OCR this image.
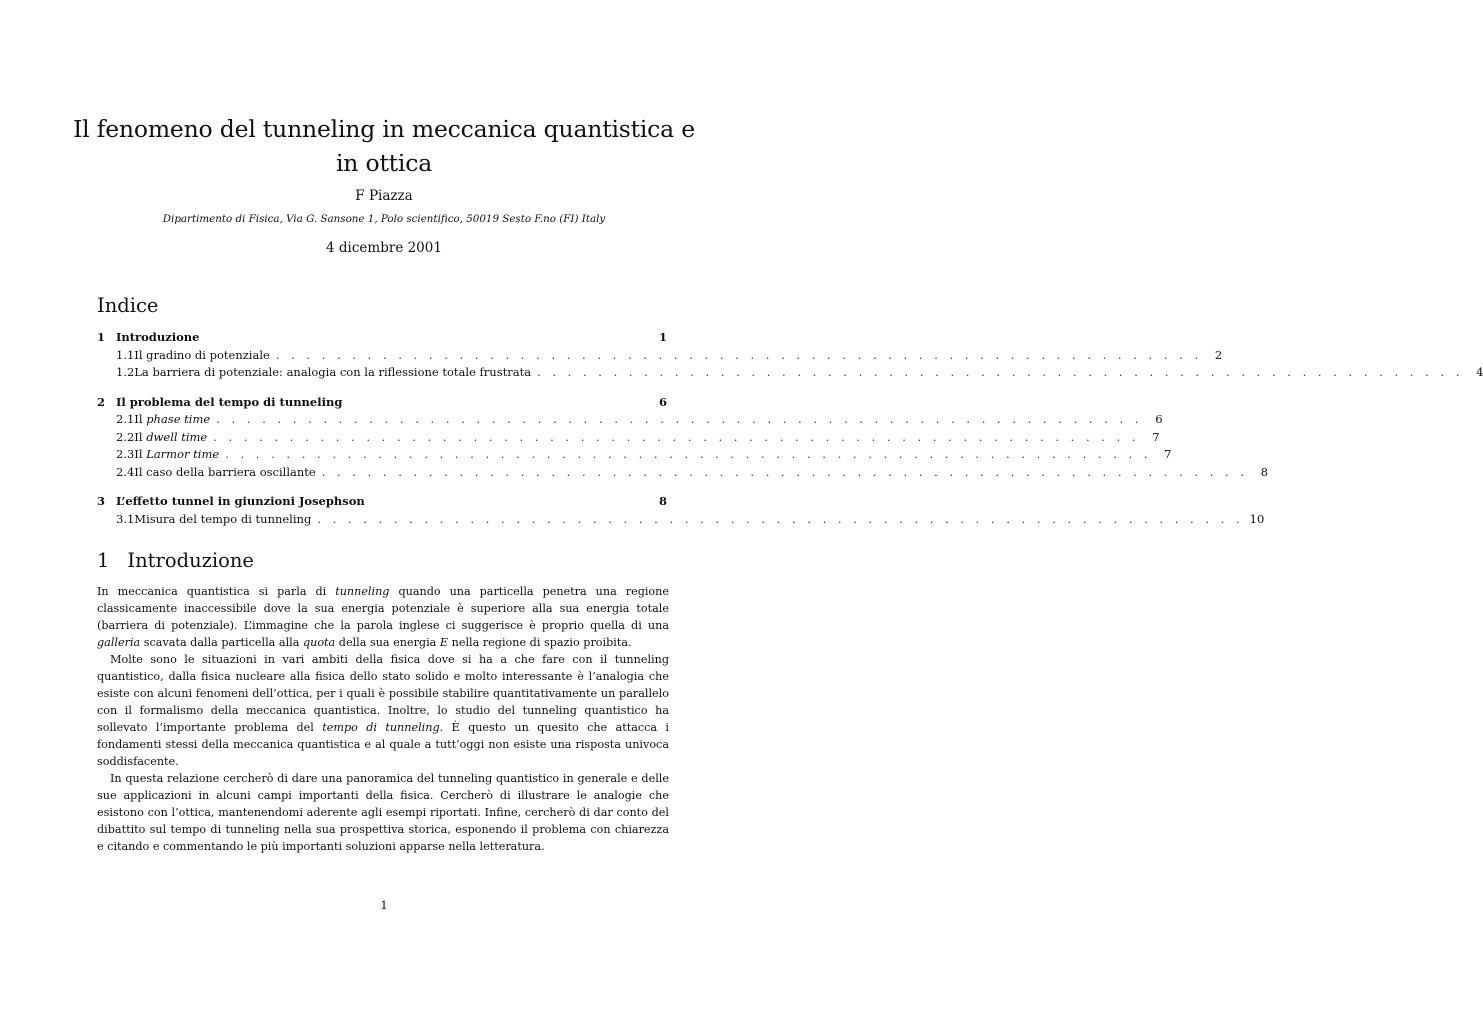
Il fenomeno del tunneling in meccanica quantistica e in ottica
F Piazza
Dipartimento di Fisica, Via G. Sansone 1, Polo scientifico, 50019 Sesto F.no (FI) Italy
4 dicembre 2001
Indice
1 Introduzione	1
1.1 Il gradino di potenziale . . . . . . . . . . . . . . . . . . . . . . . . . . . . . . . . . . . . . . . . . . . . . . . . . . . . . . . . . . . . .	2
1.2 La barriera di potenziale: analogia con la riflessione totale frustrata . . . . . . . . . . . . . . . . . . . . . . . . . . . . . . . . . . . . . . . . . . . . . . . . . . . . . . . . . . . . .	4
2 Il problema del tempo di tunneling	6
2.1 Il phase time . . . . . . . . . . . . . . . . . . . . . . . . . . . . . . . . . . . . . . . . . . . . . . . . . . . . . . . . . . . . .	6
2.2 Il dwell time . . . . . . . . . . . . . . . . . . . . . . . . . . . . . . . . . . . . . . . . . . . . . . . . . . . . . . . . . . . . .	7
2.3 Il Larmor time . . . . . . . . . . . . . . . . . . . . . . . . . . . . . . . . . . . . . . . . . . . . . . . . . . . . . . . . . . . . .	7
2.4 Il caso della barriera oscillante . . . . . . . . . . . . . . . . . . . . . . . . . . . . . . . . . . . . . . . . . . . . . . . . . . . . . . . . . . . . .	8
3 L’effetto tunnel in giunzioni Josephson	8
3.1 Misura del tempo di tunneling . . . . . . . . . . . . . . . . . . . . . . . . . . . . . . . . . . . . . . . . . . . . . . . . . . . . . . . . . . . . . 10
1 Introduzione

In meccanica quantistica si parla di tunneling quando una particella penetra una regione classicamente inaccessibile dove la sua energia potenziale è superiore alla sua energia totale (barriera di potenziale). L’immagine che la parola inglese ci suggerisce è proprio quella di una galleria scavata dalla particella alla quota della sua energia E nella regione di spazio proibita.

Molte sono le situazioni in vari ambiti della fisica dove si ha a che fare con il tunneling quantistico, dalla fisica nucleare alla fisica dello stato solido e molto interessante è l’analogia che esiste con alcuni fenomeni dell’ottica, per i quali è possibile stabilire quantitativamente un parallelo con il formalismo della meccanica quantistica. Inoltre, lo studio del tunneling quantistico ha sollevato l’importante problema del tempo di tunneling. È questo un quesito che attacca i fondamenti stessi della meccanica quantistica e al quale a tutt’oggi non esiste una risposta univoca soddisfacente.

In questa relazione cercherò di dare una panoramica del tunneling quantistico in generale e delle sue applicazioni in alcuni campi importanti della fisica. Cercherò di illustrare le analogie che esistono con l’ottica, mantenendomi aderente agli esempi riportati. Infine, cercherò di dar conto del dibattito sul tempo di tunneling nella sua prospettiva storica, esponendo il problema con chiarezza e citando e commentando le più importanti soluzioni apparse nella letteratura.

1
